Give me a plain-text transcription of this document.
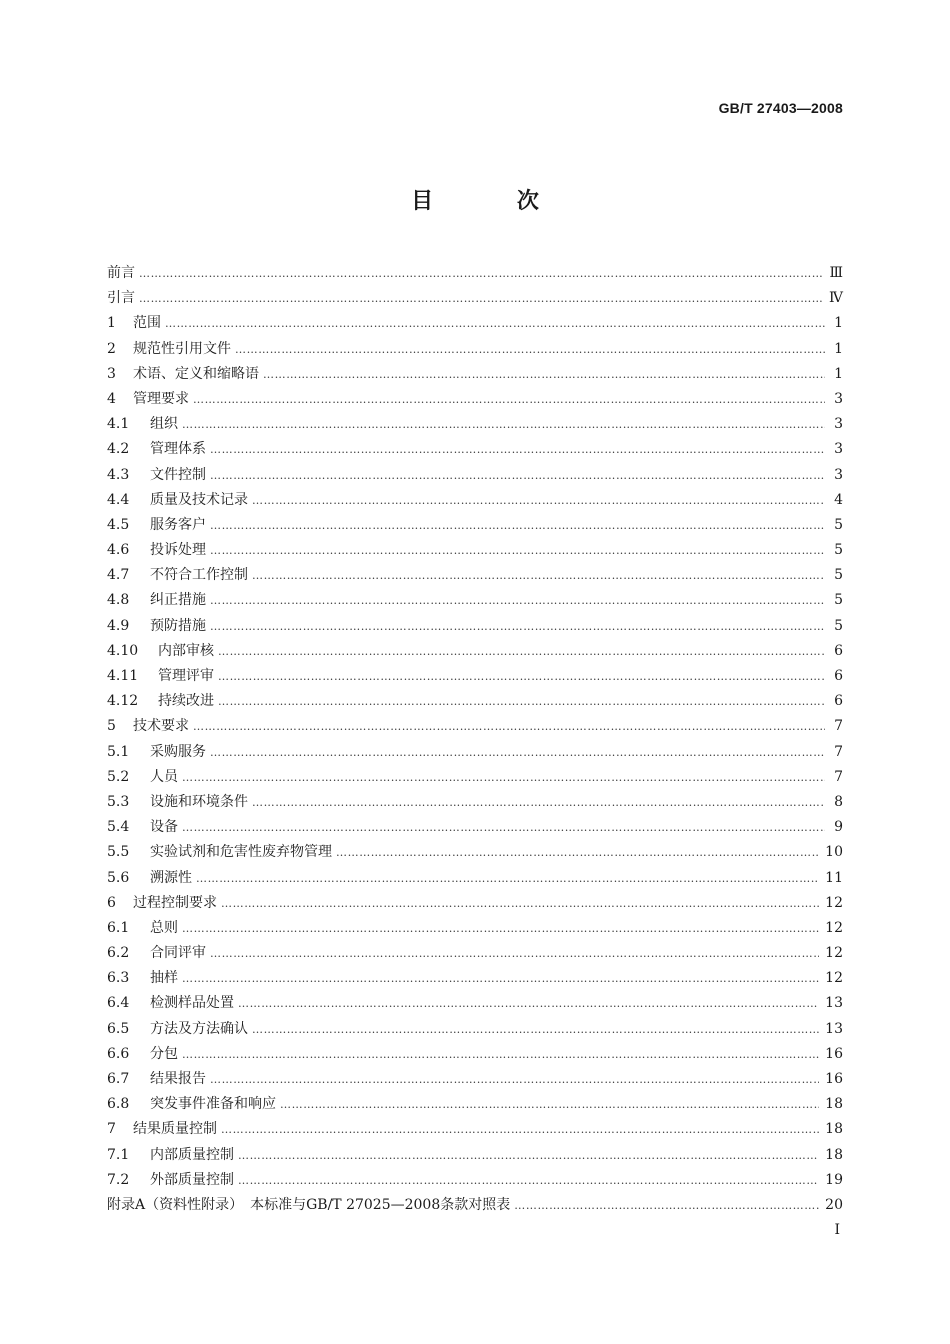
GB/T 27403—2008
目 次
前言 …………………………………………………………………………………………………………………………………………………………………………………………………………	Ⅲ
引言 …………………………………………………………………………………………………………………………………………………………………………………………………………	Ⅳ
1 范围 …………………………………………………………………………………………………………………………………………………………………………………………………………	1
2 规范性引用文件 …………………………………………………………………………………………………………………………………………………………………………………………………………	1
3 术语、定义和缩略语 …………………………………………………………………………………………………………………………………………………………………………………………………………	1
4 管理要求 …………………………………………………………………………………………………………………………………………………………………………………………………………	3
4.1 组织 …………………………………………………………………………………………………………………………………………………………………………………………………………	3
4.2 管理体系 …………………………………………………………………………………………………………………………………………………………………………………………………………	3
4.3 文件控制 …………………………………………………………………………………………………………………………………………………………………………………………………………	3
4.4 质量及技术记录 …………………………………………………………………………………………………………………………………………………………………………………………………………	4
4.5 服务客户 …………………………………………………………………………………………………………………………………………………………………………………………………………	5
4.6 投诉处理 …………………………………………………………………………………………………………………………………………………………………………………………………………	5
4.7 不符合工作控制 …………………………………………………………………………………………………………………………………………………………………………………………………………	5
4.8 纠正措施 …………………………………………………………………………………………………………………………………………………………………………………………………………	5
4.9 预防措施 …………………………………………………………………………………………………………………………………………………………………………………………………………	5
4.10 内部审核 …………………………………………………………………………………………………………………………………………………………………………………………………………	6
4.11 管理评审 …………………………………………………………………………………………………………………………………………………………………………………………………………	6
4.12 持续改进 …………………………………………………………………………………………………………………………………………………………………………………………………………	6
5 技术要求 …………………………………………………………………………………………………………………………………………………………………………………………………………	7
5.1 采购服务 …………………………………………………………………………………………………………………………………………………………………………………………………………	7
5.2 人员 …………………………………………………………………………………………………………………………………………………………………………………………………………	7
5.3 设施和环境条件 …………………………………………………………………………………………………………………………………………………………………………………………………………	8
5.4 设备 …………………………………………………………………………………………………………………………………………………………………………………………………………	9
5.5 实验试剂和危害性废弃物管理 …………………………………………………………………………………………………………………………………………………………………………………………………………	10
5.6 溯源性 …………………………………………………………………………………………………………………………………………………………………………………………………………	11
6 过程控制要求 …………………………………………………………………………………………………………………………………………………………………………………………………………	12
6.1 总则 …………………………………………………………………………………………………………………………………………………………………………………………………………	12
6.2 合同评审 …………………………………………………………………………………………………………………………………………………………………………………………………………	12
6.3 抽样 …………………………………………………………………………………………………………………………………………………………………………………………………………	12
6.4 检测样品处置 …………………………………………………………………………………………………………………………………………………………………………………………………………	13
6.5 方法及方法确认 …………………………………………………………………………………………………………………………………………………………………………………………………………	13
6.6 分包 …………………………………………………………………………………………………………………………………………………………………………………………………………	16
6.7 结果报告 …………………………………………………………………………………………………………………………………………………………………………………………………………	16
6.8 突发事件准备和响应 …………………………………………………………………………………………………………………………………………………………………………………………………………	18
7 结果质量控制 …………………………………………………………………………………………………………………………………………………………………………………………………………	18
7.1 内部质量控制 …………………………………………………………………………………………………………………………………………………………………………………………………………	18
7.2 外部质量控制 …………………………………………………………………………………………………………………………………………………………………………………………………………	19
附录A（资料性附录）　本标准与GB/T 27025—2008条款对照表 …………………………………………………………………………………………………………………………………………………………………………………………………………	20
I
